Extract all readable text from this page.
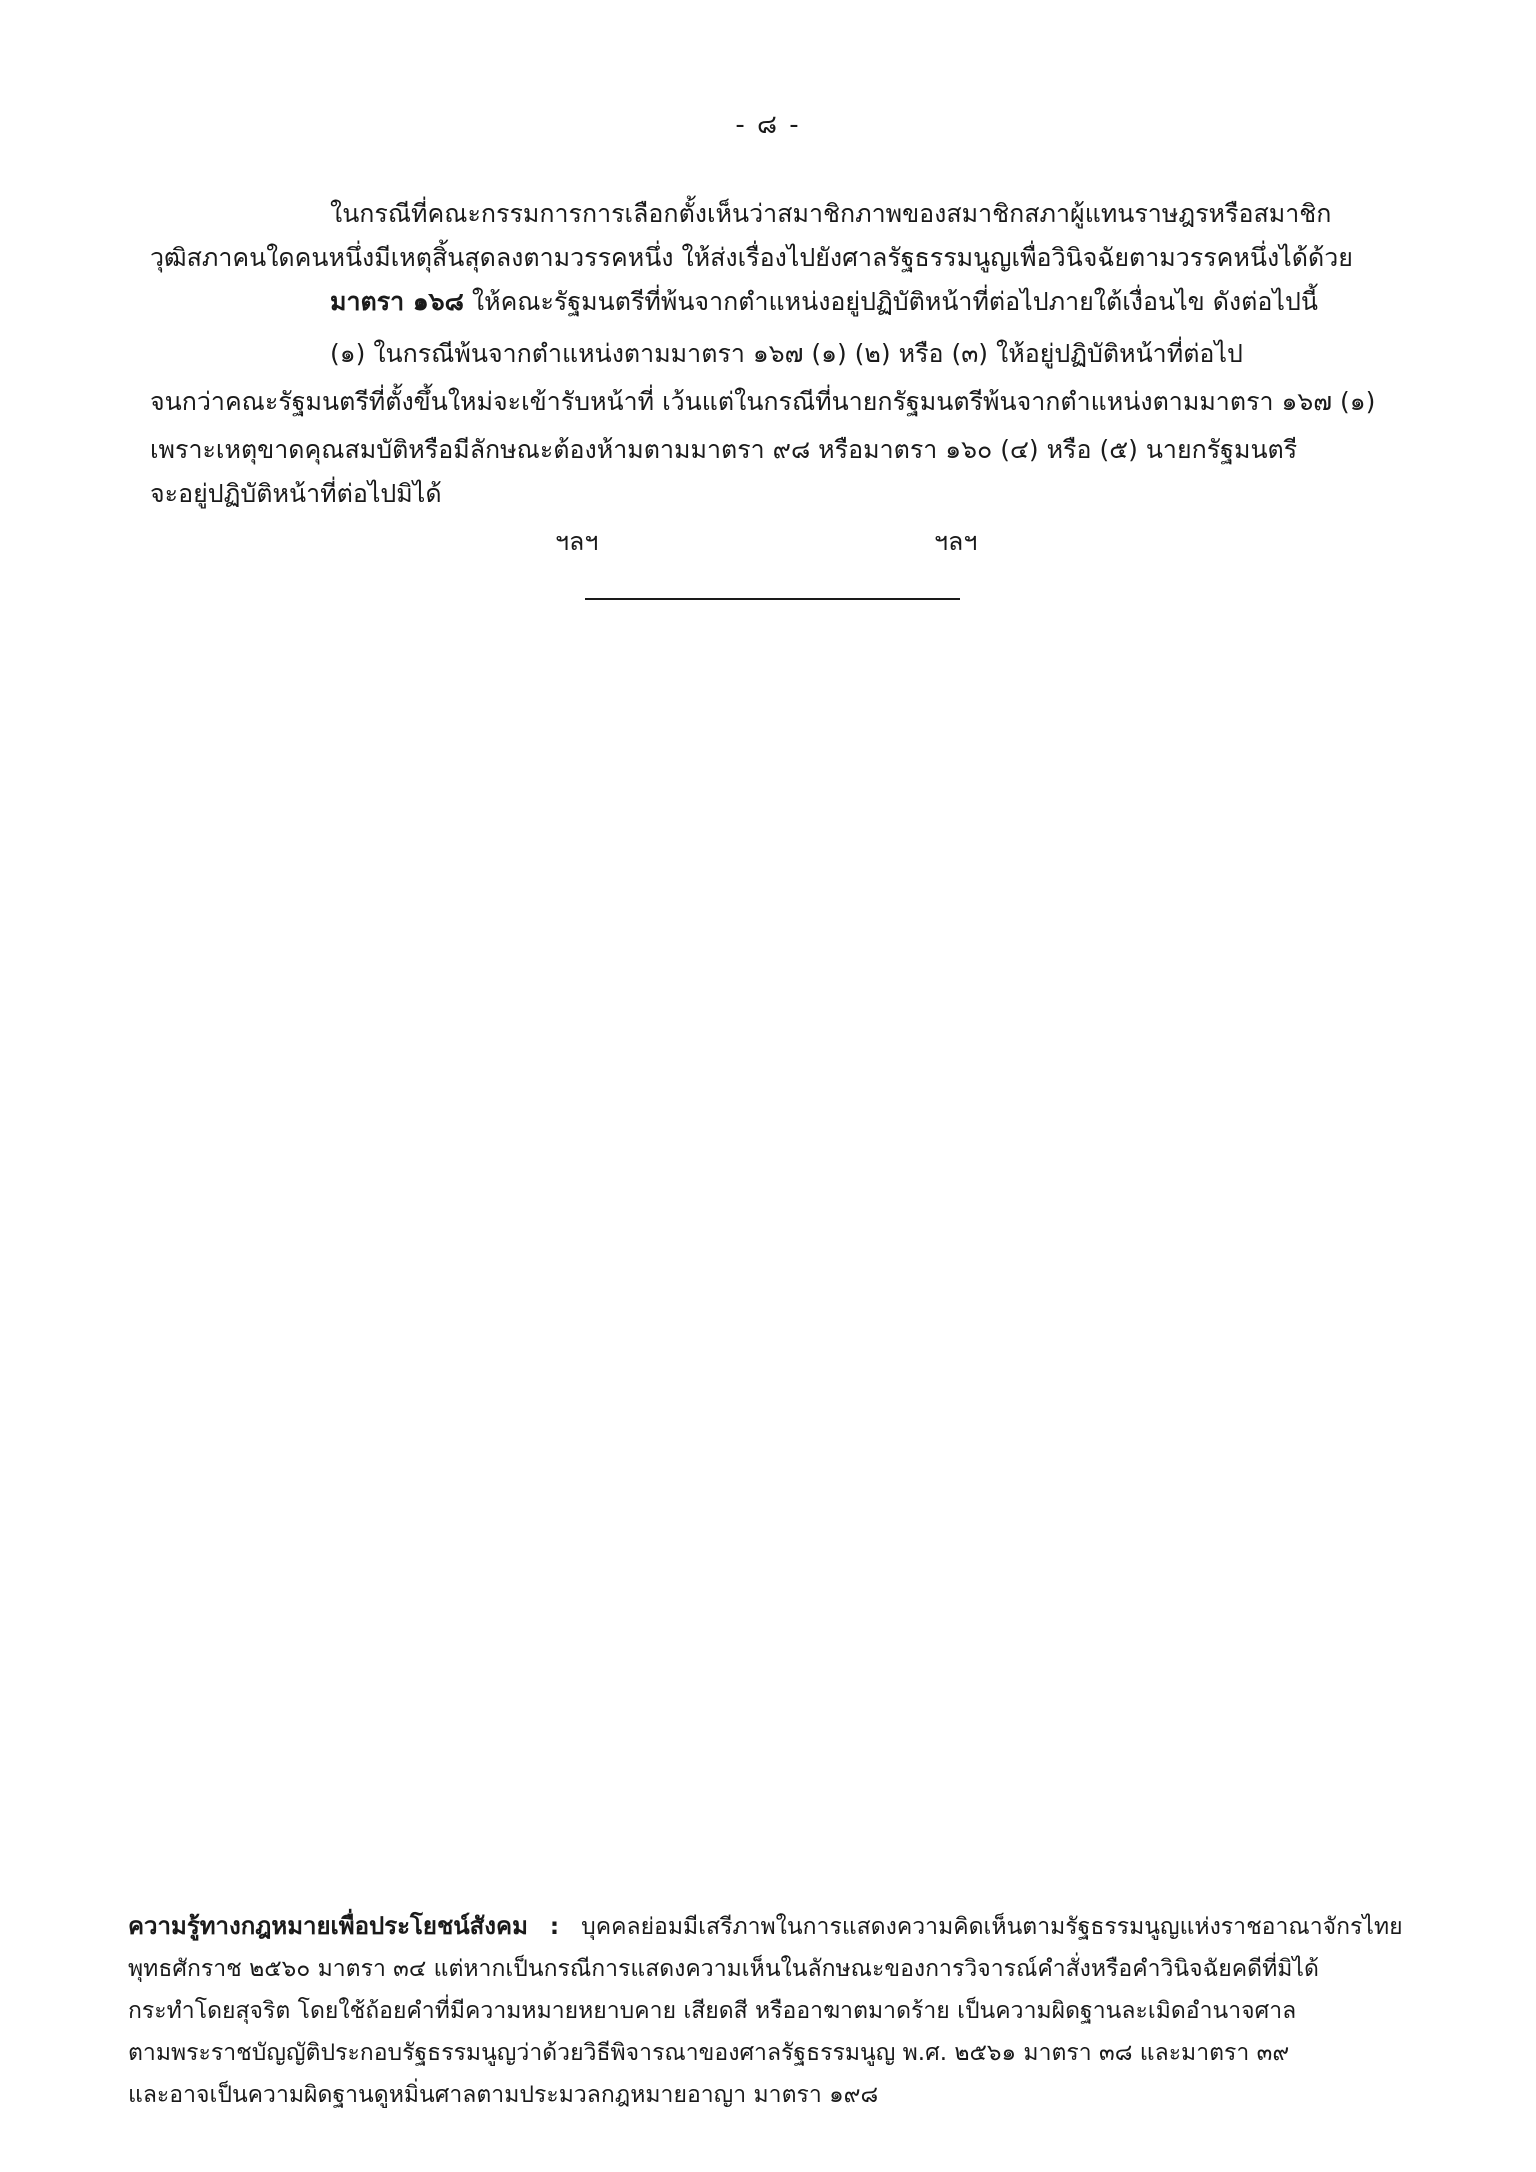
- ๘ -
ในกรณีที่คณะกรรมการการเลือกตั้งเห็นว่าสมาชิกภาพของสมาชิกสภาผู้แทนราษฎรหรือสมาชิก
วุฒิสภาคนใดคนหนึ่งมีเหตุสิ้นสุดลงตามวรรคหนึ่ง ให้ส่งเรื่องไปยังศาลรัฐธรรมนูญเพื่อวินิจฉัยตามวรรคหนึ่งได้ด้วย
มาตรา ๑๖๘ ให้คณะรัฐมนตรีที่พ้นจากตำแหน่งอยู่ปฏิบัติหน้าที่ต่อไปภายใต้เงื่อนไข ดังต่อไปนี้
(๑) ในกรณีพ้นจากตำแหน่งตามมาตรา ๑๖๗ (๑) (๒) หรือ (๓) ให้อยู่ปฏิบัติหน้าที่ต่อไป
จนกว่าคณะรัฐมนตรีที่ตั้งขึ้นใหม่จะเข้ารับหน้าที่ เว้นแต่ในกรณีที่นายกรัฐมนตรีพ้นจากตำแหน่งตามมาตรา ๑๖๗ (๑)
เพราะเหตุขาดคุณสมบัติหรือมีลักษณะต้องห้ามตามมาตรา ๙๘ หรือมาตรา ๑๖๐ (๔) หรือ (๕) นายกรัฐมนตรี
จะอยู่ปฏิบัติหน้าที่ต่อไปมิได้
ฯลฯ	ฯลฯ
ความรู้ทางกฎหมายเพื่อประโยชน์สังคม : บุคคลย่อมมีเสรีภาพในการแสดงความคิดเห็นตามรัฐธรรมนูญแห่งราชอาณาจักรไทย
พุทธศักราช ๒๕๖๐ มาตรา ๓๔ แต่หากเป็นกรณีการแสดงความเห็นในลักษณะของการวิจารณ์คำสั่งหรือคำวินิจฉัยคดีที่มิได้
กระทำโดยสุจริต โดยใช้ถ้อยคำที่มีความหมายหยาบคาย เสียดสี หรืออาฆาตมาดร้าย เป็นความผิดฐานละเมิดอำนาจศาล
ตามพระราชบัญญัติประกอบรัฐธรรมนูญว่าด้วยวิธีพิจารณาของศาลรัฐธรรมนูญ พ.ศ. ๒๕๖๑ มาตรา ๓๘ และมาตรา ๓๙
และอาจเป็นความผิดฐานดูหมิ่นศาลตามประมวลกฎหมายอาญา มาตรา ๑๙๘
